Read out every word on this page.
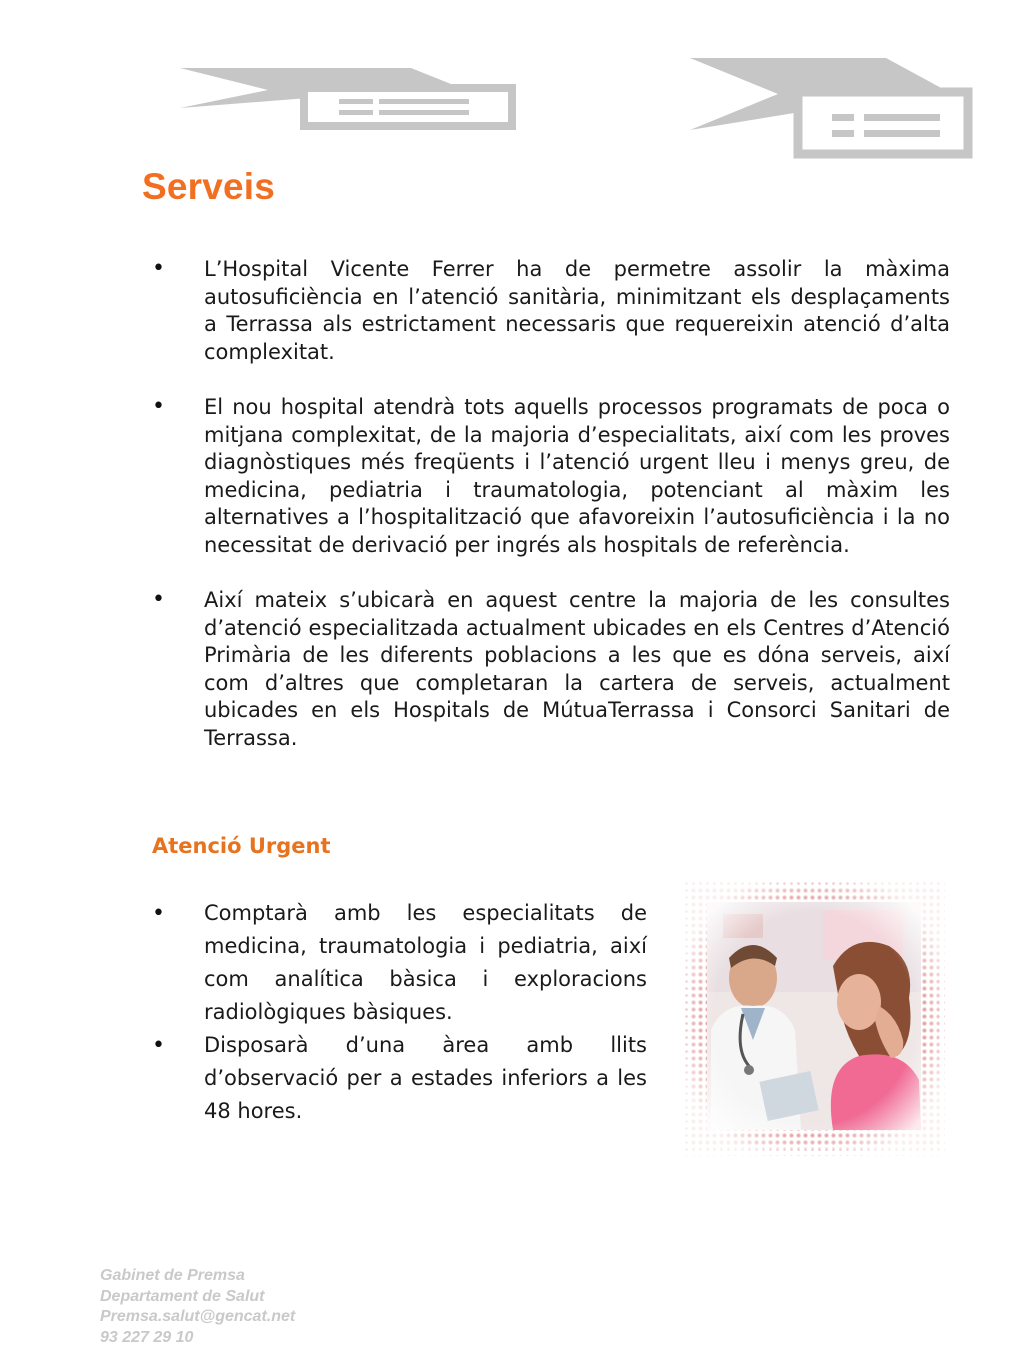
Serveis
•	L’Hospital Vicente Ferrer ha de permetre assolir la màxima autosuficiència en l’atenció sanitària, minimitzant els desplaçaments a Terrassa als estrictament necessaris que requereixin atenció d’alta complexitat.
•	El nou hospital atendrà tots aquells processos programats de poca o mitjana complexitat, de la majoria d’especialitats, així com les proves diagnòstiques més freqüents i l’atenció urgent lleu i menys greu, de medicina, pediatria i traumatologia, potenciant al màxim les alternatives a l’hospitalització que afavoreixin l’autosuficiència i la no necessitat de derivació per ingrés als hospitals de referència.
•	Així mateix s’ubicarà en aquest centre la majoria de les consultes d’atenció especialitzada actualment ubicades en els Centres d’Atenció Primària de les diferents poblacions a les que es dóna serveis, així com d’altres que completaran la cartera de serveis, actualment ubicades en els Hospitals de MútuaTerrassa i Consorci Sanitari de Terrassa.
Atenció Urgent
•	Comptarà amb les especialitats de medicina, traumatologia i pediatria, així com analítica bàsica i exploracions radiològiques bàsiques.
•	Disposarà d’una àrea amb llits d’observació per a estades inferiors a les 48 hores.
Gabinet de Premsa
Departament de Salut
Premsa.salut@gencat.net
93 227 29 10
